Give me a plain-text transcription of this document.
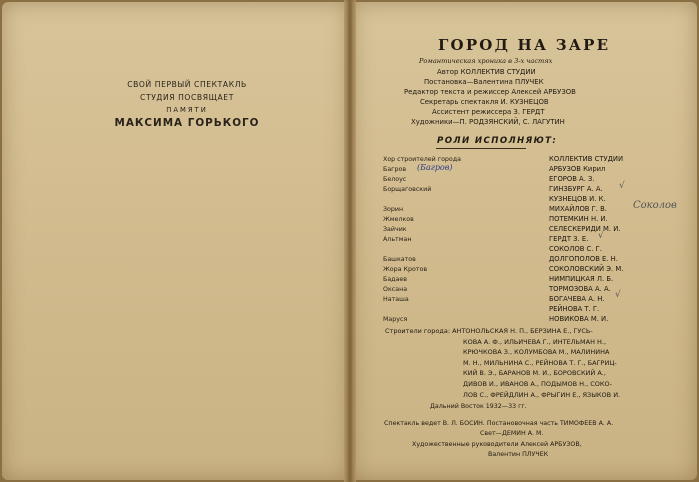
СВОЙ ПЕРВЫЙ СПЕКТАКЛЬ
СТУДИЯ ПОСВЯЩАЕТ
ПАМЯТИ
МАКСИМА ГОРЬКОГО
ГОРОД НА ЗАРЕ
Романтическая хроника в 3-х частях
Автор КОЛЛЕКТИВ СТУДИИ
Постановка—Валентина ПЛУЧЕК
Редактор текста и режиссер Алексей АРБУЗОВ
Секретарь спектакля И. КУЗНЕЦОВ
Ассистент режиссера З. ГЕРДТ
Художники—П. РОДЗЯНСКИЙ, С. ЛАГУТИН
РОЛИ ИСПОЛНЯЮТ:
Хор строителей города	КОЛЛЕКТИВ СТУДИИ
Багров (Багров)	АРБУЗОВ Кирил
Белоус	ЕГОРОВ А. З.
Борщаговский	ГИНЗБУРГ А. А. √
КУЗНЕЦОВ И. К.
Зорин	МИХАЙЛОВ Г. В.	Соколов
Жмелков	ПОТЕМКИН Н. И.
Зайчик	СЕЛЕСКЕРИДИ М. И.
Альтман	ГЕРДТ З. Е. √
СОКОЛОВ С. Г.
Башкатов	ДОЛГОПОЛОВ Е. Н.
Жора Кротов	СОКОЛОВСКИЙ Э. М.
Бадаев	НИМПИЦКАЯ Л. Б.
Оксана	ТОРМОЗОВА А. А.
Наташа	БОГАЧЕВА А. Н. √
РЕЙНОВА Т. Г.
Маруся	НОВИКОВА М. И.
Строители города: АНТОНОЛЬСКАЯ Н. П., БЕРЗИНА Е., ГУСЬ-
КОВА А. Ф., ИЛЬИЧЕВА Г., ИНТЕЛЬМАН Н.,
КРЮЧКОВА З., КОЛУМБОВА М., МАЛИНИНА
М. Н., МИЛЬНИНА С., РЕЙНОВА Т. Г., БАГРИЦ-
КИЙ В. Э., БАРАНОВ М. И., БОРОВСКИЙ А.,
ДИВОВ И., ИВАНОВ А., ПОДЫМОВ Н., СОКО-
ЛОВ С., ФРЕЙДЛИН А., ФРЫГИН Е., ЯЗЫКОВ И.
Дальний Восток 1932—33 гг.
Спектакль ведет В. Л. БОСИН. Постановочная часть ТИМОФЕЕВ А. А.
Свет—ДЕМИН А. М.
Художественные руководители Алексей АРБУЗОВ,
Валентин ПЛУЧЕК
